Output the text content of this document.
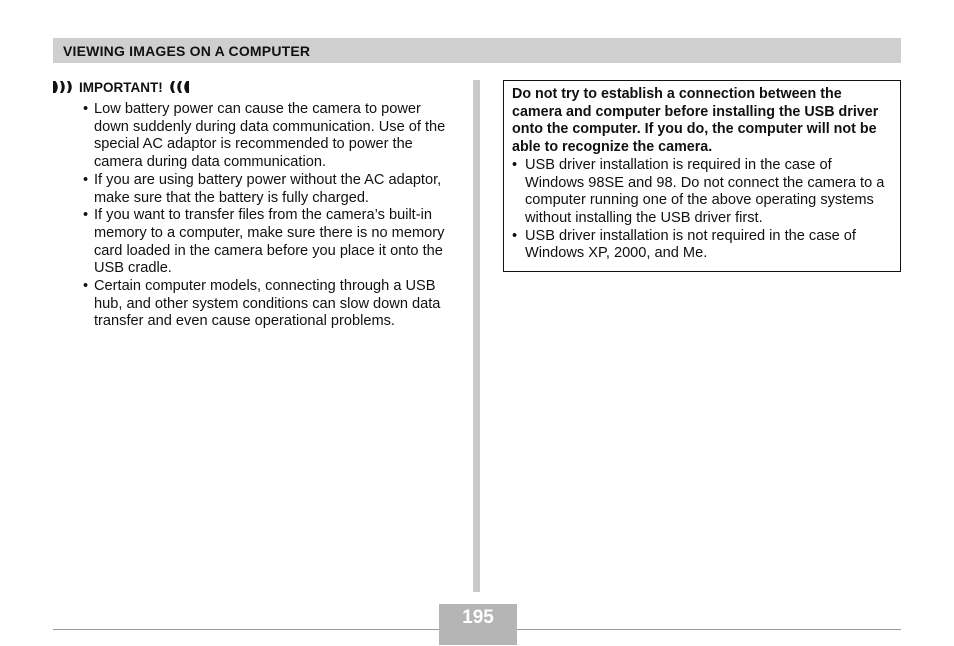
VIEWING IMAGES ON A COMPUTER
IMPORTANT!
• Low battery power can cause the camera to power down suddenly during data communication. Use of the special AC adaptor is recommended to power the camera during data communication.
• If you are using battery power without the AC adaptor, make sure that the battery is fully charged.
• If you want to transfer files from the camera’s built-in memory to a computer, make sure there is no memory card loaded in the camera before you place it onto the USB cradle.
• Certain computer models, connecting through a USB hub, and other system conditions can slow down data transfer and even cause operational problems.

Do not try to establish a connection between the camera and computer before installing the USB driver onto the computer. If you do, the computer will not be able to recognize the camera.

• USB driver installation is required in the case of Windows 98SE and 98. Do not connect the camera to a computer running one of the above operating systems without installing the USB driver first.
• USB driver installation is not required in the case of Windows XP, 2000, and Me.
195
